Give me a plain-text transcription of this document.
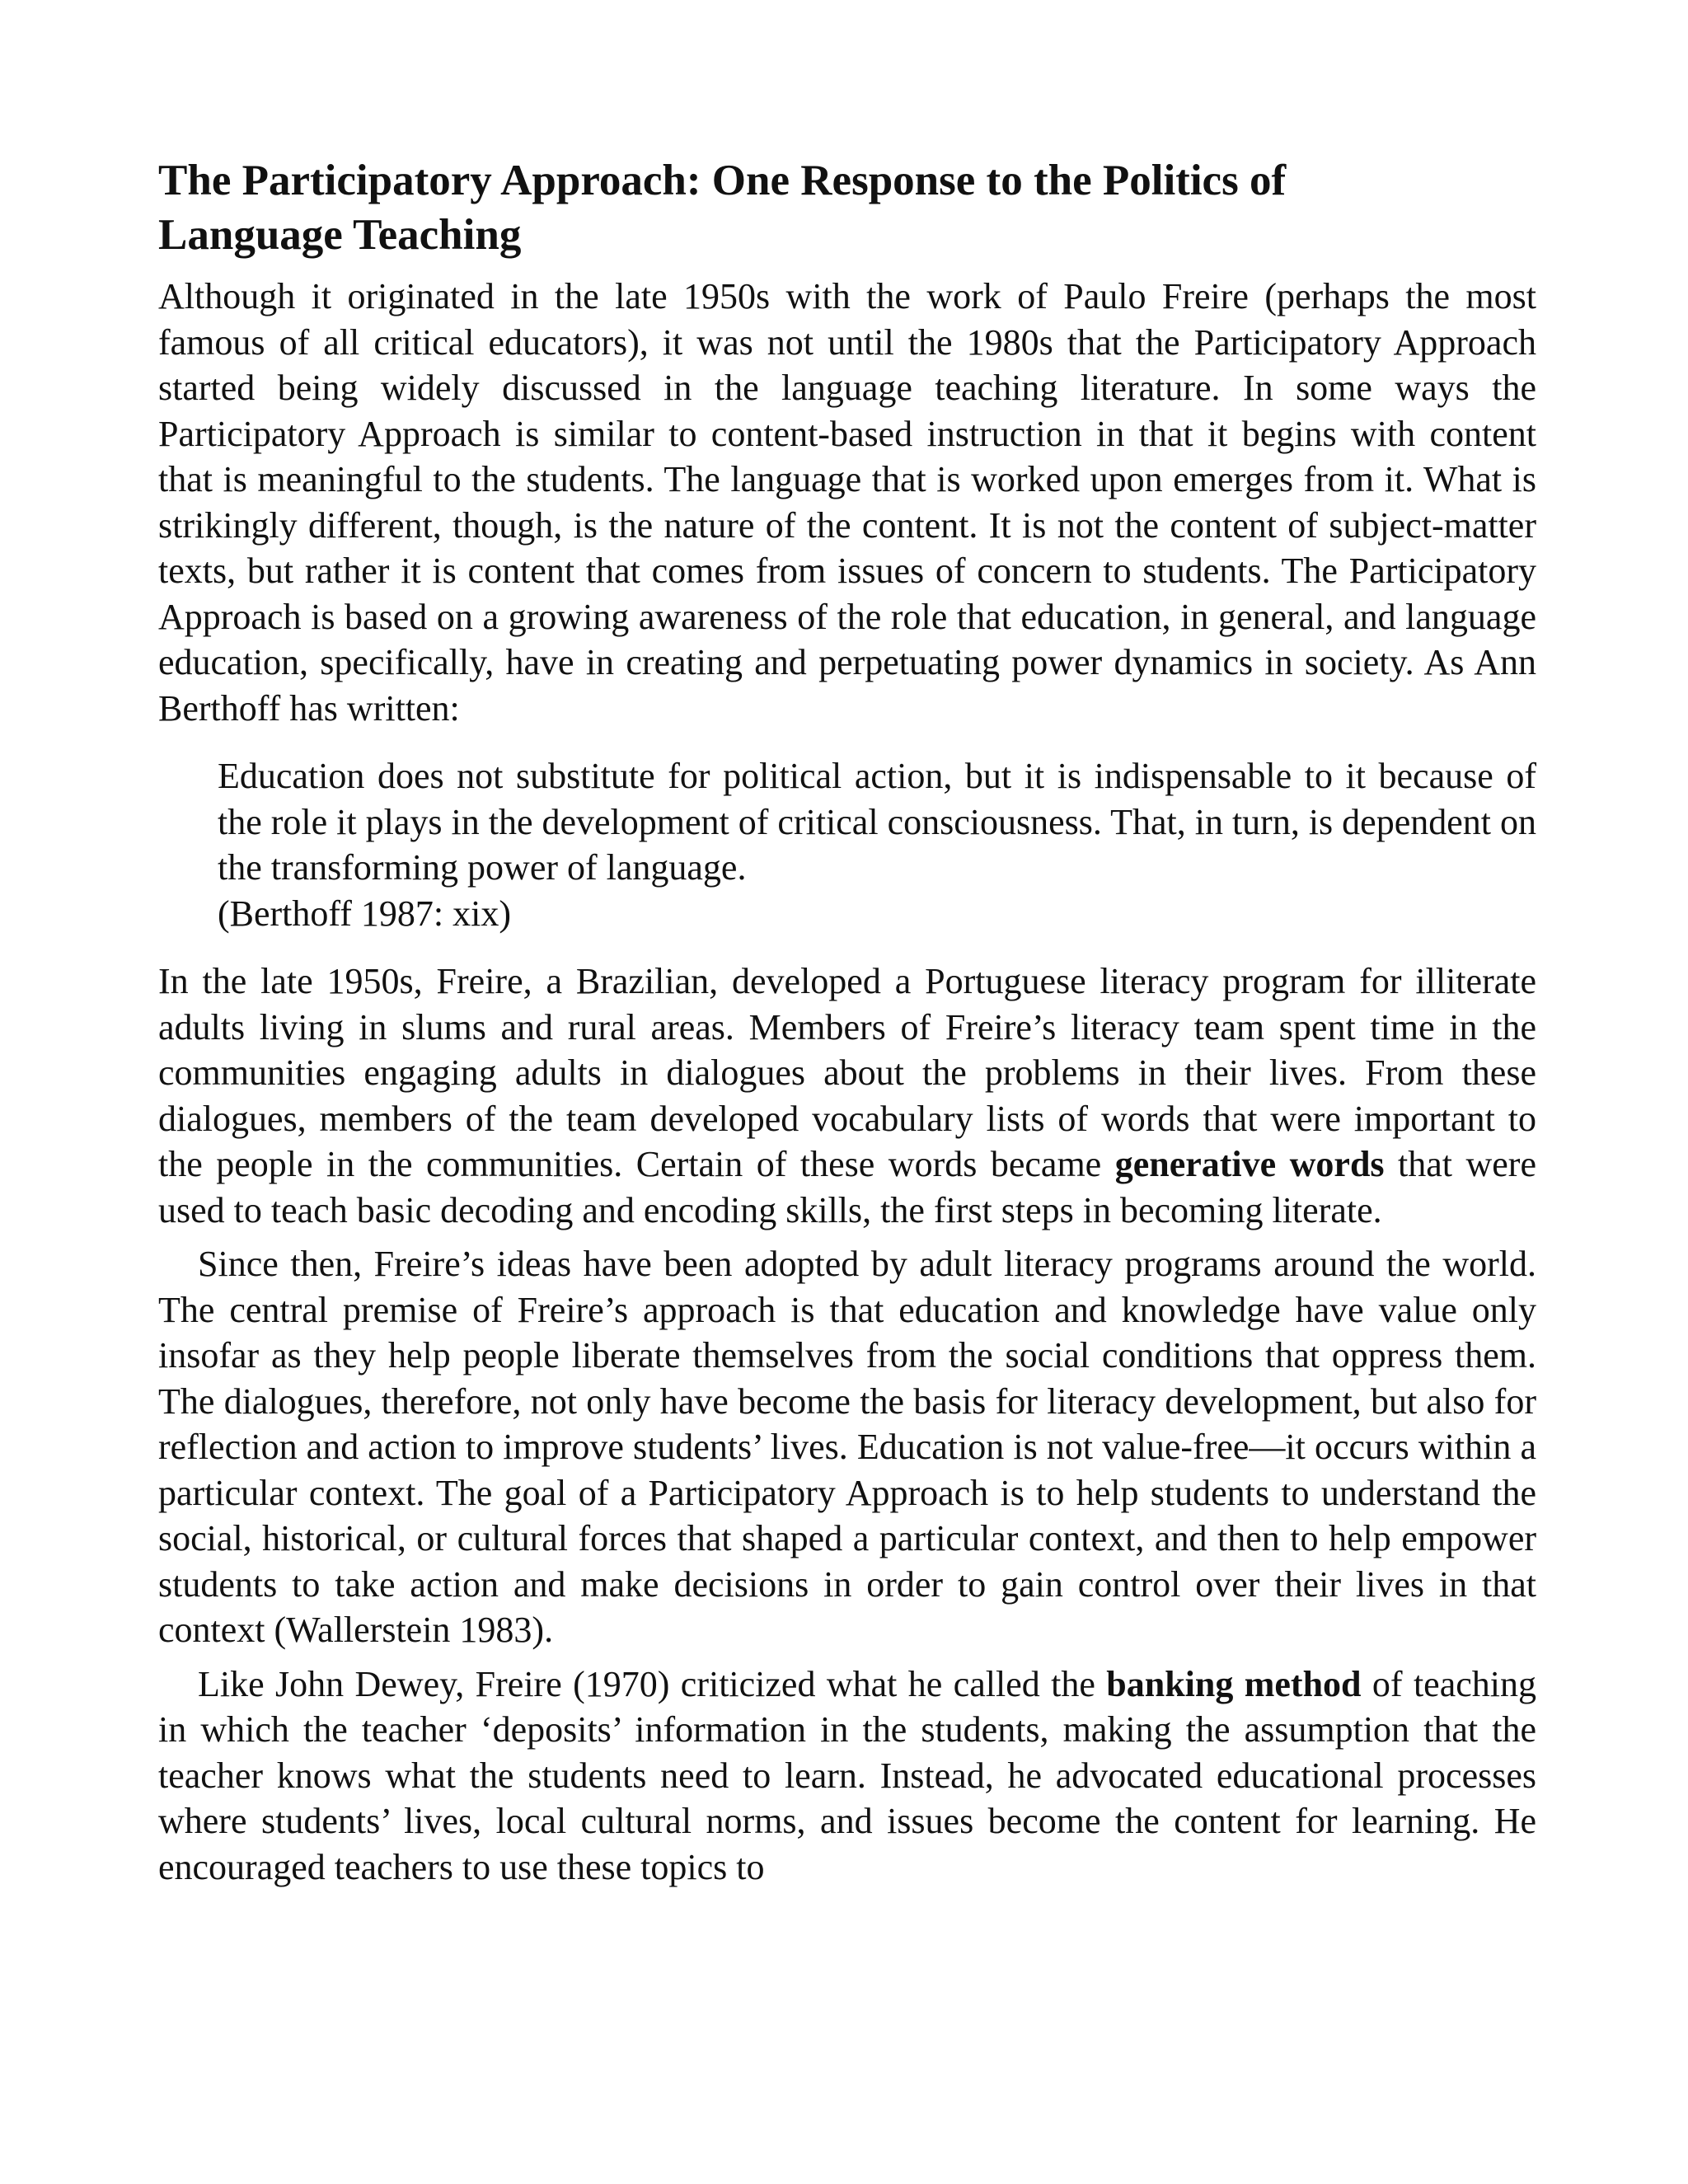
The Participatory Approach: One Response to the Politics of Language Teaching

Although it originated in the late 1950s with the work of Paulo Freire (perhaps the most famous of all critical educators), it was not until the 1980s that the Participatory Approach started being widely discussed in the language teaching literature. In some ways the Participatory Approach is similar to content-based instruction in that it begins with content that is meaningful to the students. The language that is worked upon emerges from it. What is strikingly different, though, is the nature of the content. It is not the content of subject-matter texts, but rather it is content that comes from issues of concern to students. The Participatory Approach is based on a growing awareness of the role that education, in general, and language education, specifically, have in creating and perpetuating power dynamics in society. As Ann Berthoff has written:

Education does not substitute for political action, but it is indispensable to it because of the role it plays in the development of critical consciousness. That, in turn, is dependent on the transforming power of language.
(Berthoff 1987: xix)

In the late 1950s, Freire, a Brazilian, developed a Portuguese literacy program for illiterate adults living in slums and rural areas. Members of Freire’s literacy team spent time in the communities engaging adults in dialogues about the problems in their lives. From these dialogues, members of the team developed vocabulary lists of words that were important to the people in the communities. Certain of these words became generative words that were used to teach basic decoding and encoding skills, the first steps in becoming literate.

Since then, Freire’s ideas have been adopted by adult literacy programs around the world. The central premise of Freire’s approach is that education and knowledge have value only insofar as they help people liberate themselves from the social conditions that oppress them. The dialogues, therefore, not only have become the basis for literacy development, but also for reflection and action to improve students’ lives. Education is not value-free—it occurs within a particular context. The goal of a Participatory Approach is to help students to understand the social, historical, or cultural forces that shaped a particular context, and then to help empower students to take action and make decisions in order to gain control over their lives in that context (Wallerstein 1983).

Like John Dewey, Freire (1970) criticized what he called the banking method of teaching in which the teacher ‘deposits’ information in the students, making the assumption that the teacher knows what the students need to learn. Instead, he advocated educational processes where students’ lives, local cultural norms, and issues become the content for learning. He encouraged teachers to use these topics to
